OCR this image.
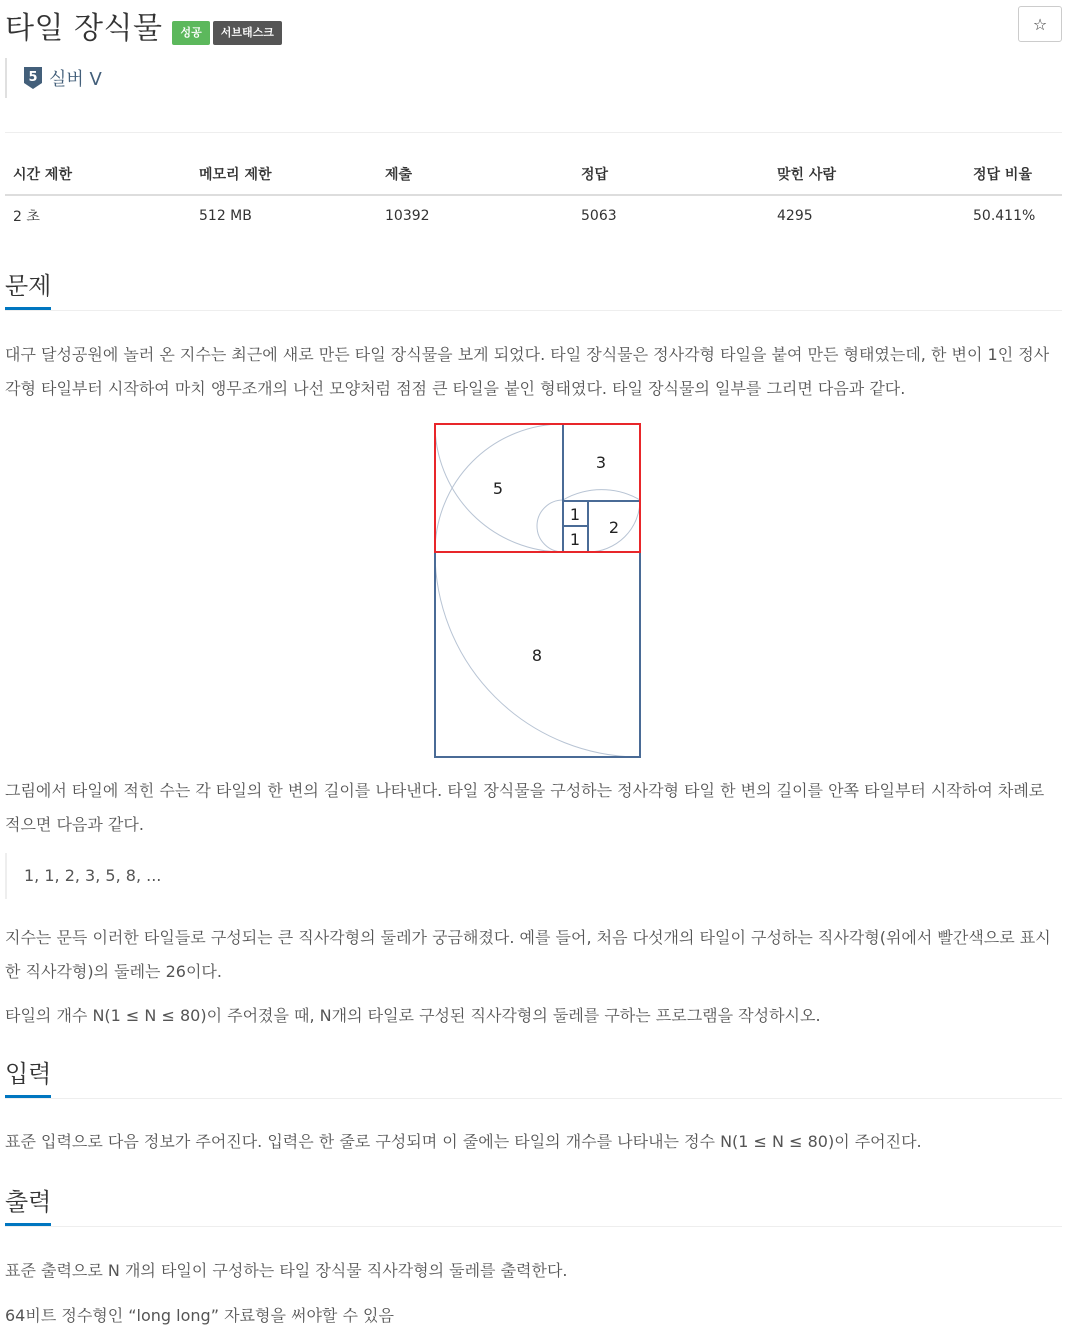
타일 장식물	성공	서브태스크	☆
5 실버 V
시간 제한	메모리 제한	제출	정답	맞힌 사람	정답 비율
2 초	512 MB	10392	5063	4295	50.411%
문제

대구 달성공원에 놀러 온 지수는 최근에 새로 만든 타일 장식물을 보게 되었다. 타일 장식물은 정사각형 타일을 붙여 만든 형태였는데, 한 변이 1인 정사각형 타일부터 시작하여 마치 앵무조개의 나선 모양처럼 점점 큰 타일을 붙인 형태였다. 타일 장식물의 일부를 그리면 다음과 같다.

5
3
1
1
2
8

그림에서 타일에 적힌 수는 각 타일의 한 변의 길이를 나타낸다. 타일 장식물을 구성하는 정사각형 타일 한 변의 길이를 안쪽 타일부터 시작하여 차례로 적으면 다음과 같다.

1, 1, 2, 3, 5, 8, ...

지수는 문득 이러한 타일들로 구성되는 큰 직사각형의 둘레가 궁금해졌다. 예를 들어, 처음 다섯개의 타일이 구성하는 직사각형(위에서 빨간색으로 표시한 직사각형)의 둘레는 26이다.

타일의 개수 N(1 ≤ N ≤ 80)이 주어졌을 때, N개의 타일로 구성된 직사각형의 둘레를 구하는 프로그램을 작성하시오.

입력

표준 입력으로 다음 정보가 주어진다. 입력은 한 줄로 구성되며 이 줄에는 타일의 개수를 나타내는 정수 N(1 ≤ N ≤ 80)이 주어진다.

출력

표준 출력으로 N 개의 타일이 구성하는 타일 장식물 직사각형의 둘레를 출력한다.

64비트 정수형인 “long long” 자료형을 써야할 수 있음
